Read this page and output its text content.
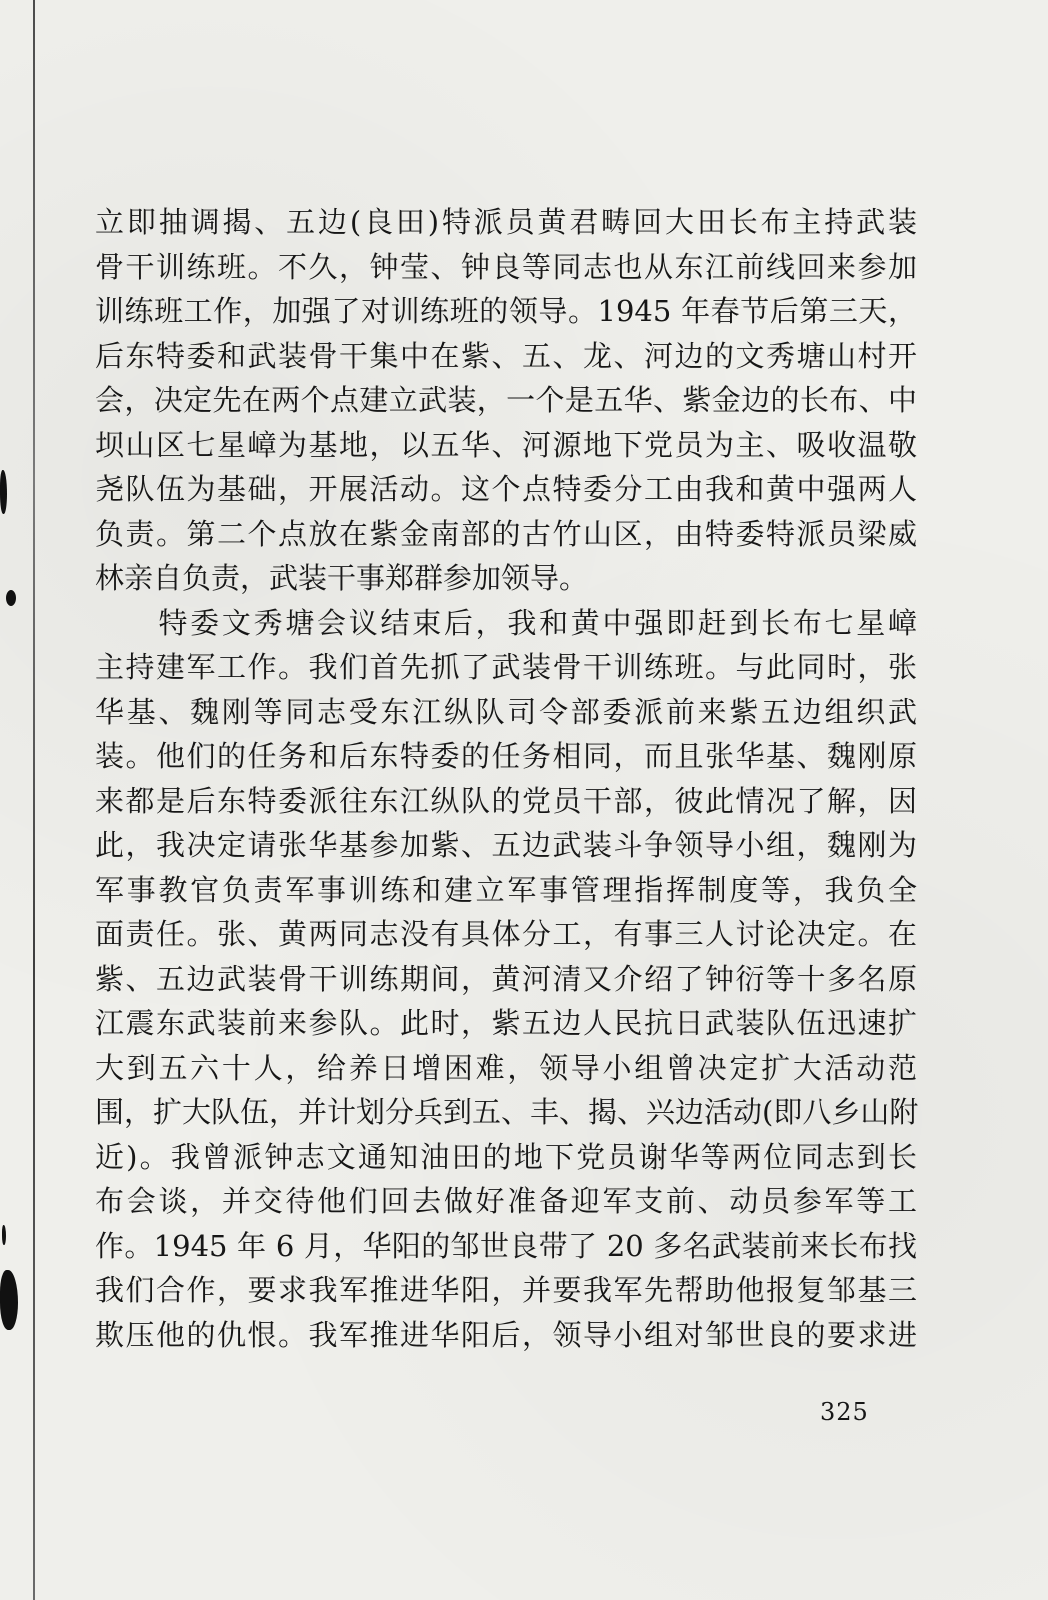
立即抽调揭、五边(良田)特派员黄君畴回大田长布主持武装
骨干训练班。不久，钟莹、钟良等同志也从东江前线回来参加
训练班工作，加强了对训练班的领导。1945 年春节后第三天，
后东特委和武装骨干集中在紫、五、龙、河边的文秀塘山村开
会，决定先在两个点建立武装，一个是五华、紫金边的长布、中
坝山区七星嶂为基地，以五华、河源地下党员为主、吸收温敬
尧队伍为基础，开展活动。这个点特委分工由我和黄中强两人
负责。第二个点放在紫金南部的古竹山区，由特委特派员梁威
林亲自负责，武装干事郑群参加领导。
　　特委文秀塘会议结束后，我和黄中强即赶到长布七星嶂
主持建军工作。我们首先抓了武装骨干训练班。与此同时，张
华基、魏刚等同志受东江纵队司令部委派前来紫五边组织武
装。他们的任务和后东特委的任务相同，而且张华基、魏刚原
来都是后东特委派往东江纵队的党员干部，彼此情况了解，因
此，我决定请张华基参加紫、五边武装斗争领导小组，魏刚为
军事教官负责军事训练和建立军事管理指挥制度等，我负全
面责任。张、黄两同志没有具体分工，有事三人讨论决定。在
紫、五边武装骨干训练期间，黄河清又介绍了钟衍等十多名原
江震东武装前来参队。此时，紫五边人民抗日武装队伍迅速扩
大到五六十人，给养日增困难，领导小组曾决定扩大活动范
围，扩大队伍，并计划分兵到五、丰、揭、兴边活动(即八乡山附
近)。我曾派钟志文通知油田的地下党员谢华等两位同志到长
布会谈，并交待他们回去做好准备迎军支前、动员参军等工
作。1945 年 6 月，华阳的邹世良带了 20 多名武装前来长布找
我们合作，要求我军推进华阳，并要我军先帮助他报复邹基三
欺压他的仇恨。我军推进华阳后，领导小组对邹世良的要求进
325
